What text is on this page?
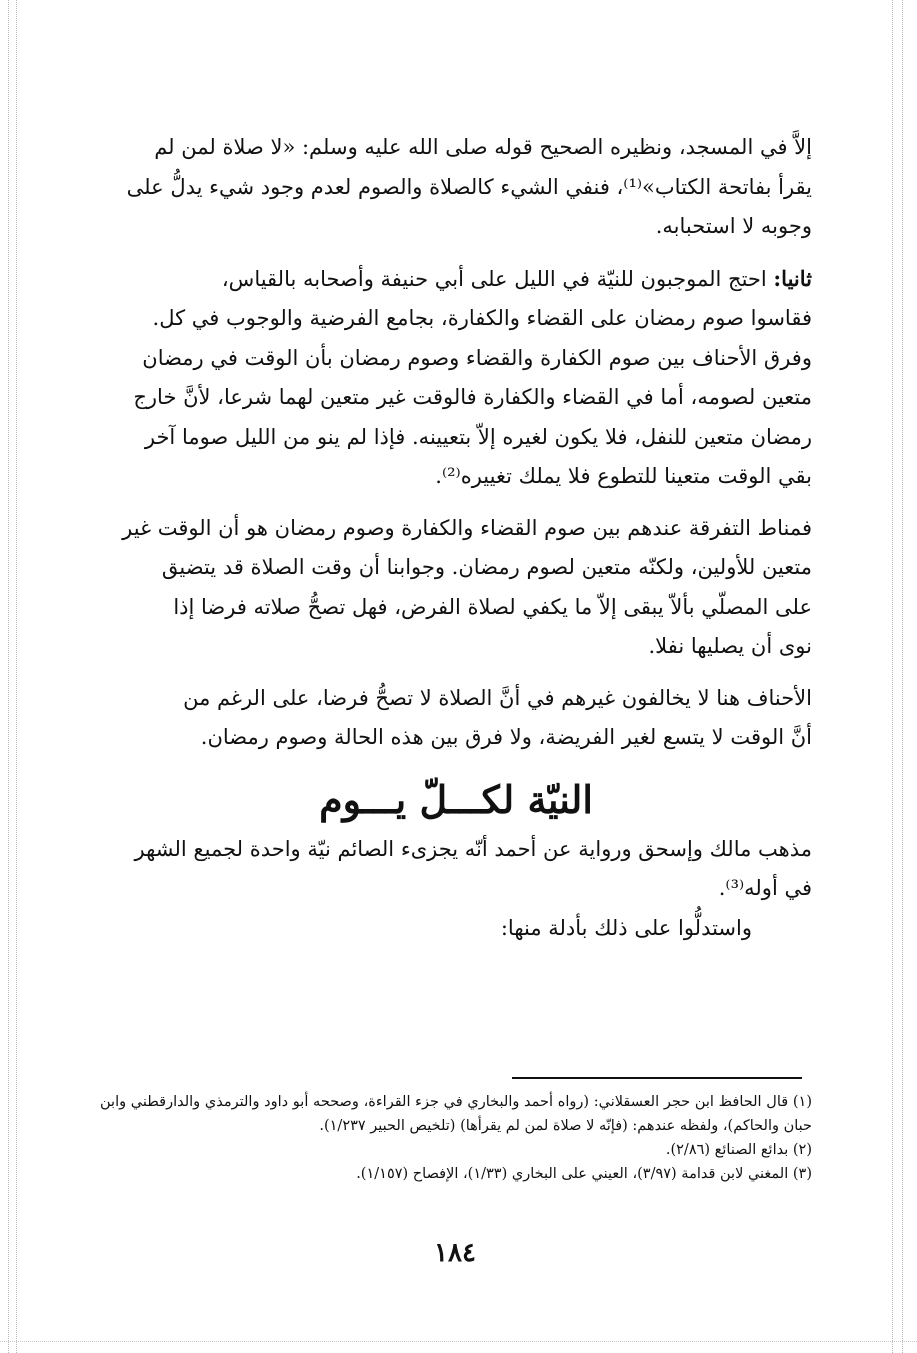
إلاَّ في المسجد، ونظيره الصحيح قوله صلى الله عليه وسلم: «لا صلاة لمن لم

يقرأ بفاتحة الكتاب»⁽¹⁾، فنفي الشيء كالصلاة والصوم لعدم وجود شيء يدلُّ على

وجوبه لا استحبابه.

ثانيا: احتج الموجبون للنيّة في الليل على أبي حنيفة وأصحابه بالقياس،

فقاسوا صوم رمضان على القضاء والكفارة، بجامع الفرضية والوجوب في كل.

وفرق الأحناف بين صوم الكفارة والقضاء وصوم رمضان بأن الوقت في رمضان

متعين لصومه، أما في القضاء والكفارة فالوقت غير متعين لهما شرعا، لأنَّ خارج

رمضان متعين للنفل، فلا يكون لغيره إلاّ بتعيينه. فإذا لم ينو من الليل صوما آخر

بقي الوقت متعينا للتطوع فلا يملك تغييره⁽²⁾.

فمناط التفرقة عندهم بين صوم القضاء والكفارة وصوم رمضان هو أن الوقت غير

متعين للأولين، ولكنّه متعين لصوم رمضان. وجوابنا أن وقت الصلاة قد يتضيق

على المصلّي بألاّ يبقى إلاّ ما يكفي لصلاة الفرض، فهل تصحُّ صلاته فرضا إذا

نوى أن يصليها نفلا.

الأحناف هنا لا يخالفون غيرهم في أنَّ الصلاة لا تصحُّ فرضا، على الرغم من

أنَّ الوقت لا يتسع لغير الفريضة، ولا فرق بين هذه الحالة وصوم رمضان.

النيّة لكـــلّ يـــوم

مذهب مالك وإسحق ورواية عن أحمد أنّه يجزىء الصائم نيّة واحدة لجميع الشهر

في أوله⁽³⁾.

واستدلُّوا على ذلك بأدلة منها:

(١) قال الحافظ ابن حجر العسقلاني: (رواه أحمد والبخاري في جزء القراءة، وصححه أبو داود والترمذي والدارقطني وابن حبان والحاكم)، ولفظه عندهم: (فإنّه لا صلاة لمن لم يقرأها) (تلخيص الحبير ١/٢٣٧).

(٢) بدائع الصنائع (٢/٨٦).

(٣) المغني لابن قدامة (٣/٩٧)، العيني على البخاري (١/٣٣)، الإفصاح (١/١٥٧).

١٨٤
